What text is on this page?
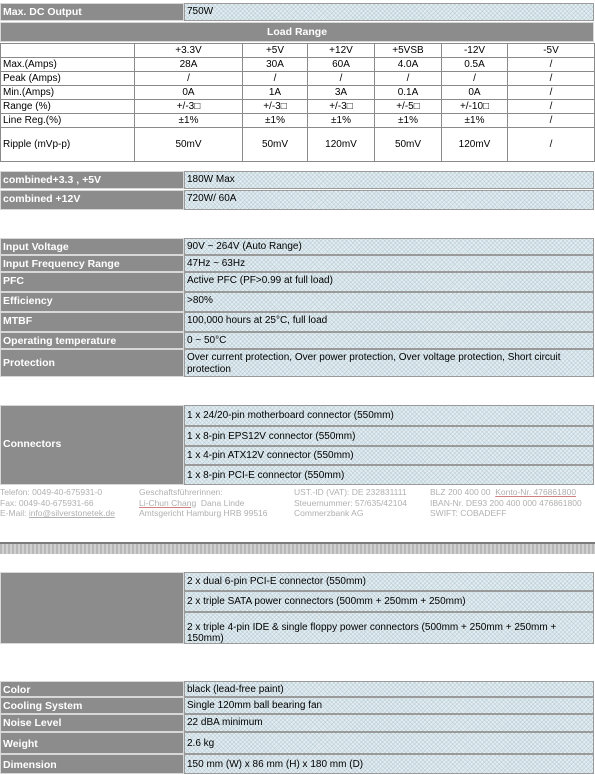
Max. DC Output	750W
Load Range
	+3.3V	+5V	+12V	+5VSB	-12V	-5V
Max.(Amps)	28A	30A	60A	4.0A	0.5A	/
Peak (Amps)	/	/	/	/	/	/
Min.(Amps)	0A	1A	3A	0.1A	0A	/
Range (%)	+/-3□	+/-3□	+/-3□	+/-5□	+/-10□	/
Line Reg.(%)	±1%	±1%	±1%	±1%	±1%	/
Ripple (mVp-p)	50mV	50mV	120mV	50mV	120mV	/
combined+3.3 , +5V	180W Max
combined +12V	720W/ 60A
Input Voltage	90V ~ 264V (Auto Range)
Input Frequency Range	47Hz ~ 63Hz
PFC	Active PFC (PF>0.99 at full load)
Efficiency	>80%
MTBF	100,000 hours at 25°C, full load
Operating temperature	0 ~ 50°C
Protection	Over current protection, Over power protection, Over voltage protection, Short circuit protection
Connectors
1 x 24/20-pin motherboard connector (550mm)
1 x 8-pin EPS12V connector (550mm)
1 x 4-pin ATX12V connector (550mm)
1 x 8-pin PCI-E connector (550mm)
Telefon: 0049-40-675931-0
Fax: 0049-40-675931-66
E-Mail: info@silverstonetek.de
Geschaftsführerinnen:
Li-Chun Chang Dana Linde
Amtsgericht Hamburg HRB 99516
UST.-ID (VAT): DE 232831111
Steuernummer: 57/635/42104
Commerzbank AG
BLZ 200 400 00 Konto-Nr. 476861800
IBAN-Nr. DE93 200 400 000 476861800
SWIFT: COBADEFF
2 x dual 6-pin PCI-E connector (550mm)
2 x triple SATA power connectors (500mm + 250mm + 250mm)
2 x triple 4-pin IDE & single floppy power connectors (500mm + 250mm + 250mm + 150mm)
Color	black (lead-free paint)
Cooling System	Single 120mm ball bearing fan
Noise Level	22 dBA minimum
Weight	2.6 kg
Dimension	150 mm (W) x 86 mm (H) x 180 mm (D)
